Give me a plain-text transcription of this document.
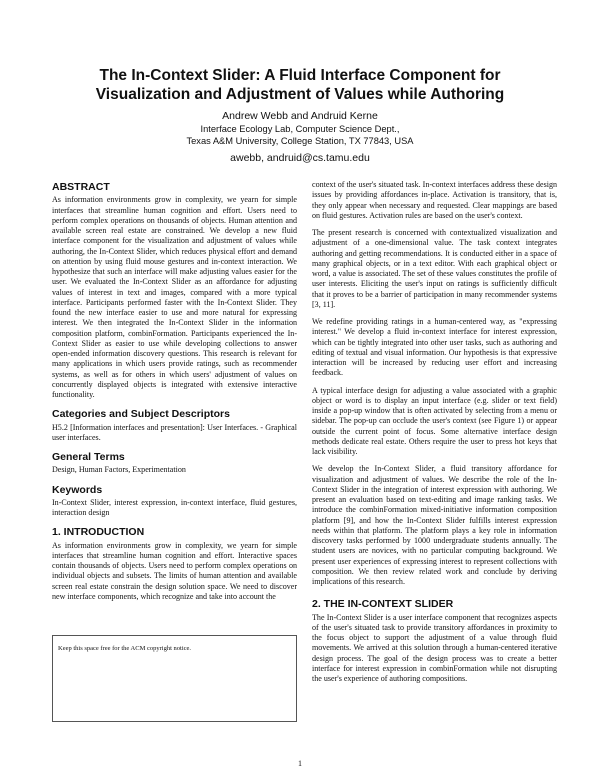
The In-Context Slider: A Fluid Interface Component for
Visualization and Adjustment of Values while Authoring
Andrew Webb and Andruid Kerne
Interface Ecology Lab, Computer Science Dept.,
Texas A&M University, College Station, TX 77843, USA
awebb, andruid@cs.tamu.edu
ABSTRACT

As information environments grow in complexity, we yearn for simple interfaces that streamline human cognition and effort. Users need to perform complex operations on thousands of objects. Human attention and available screen real estate are constrained. We develop a new fluid interface component for the visualization and adjustment of values while authoring, the In-Context Slider, which reduces physical effort and demand on attention by using fluid mouse gestures and in-context interaction. We hypothesize that such an interface will make adjusting values easier for the user. We evaluated the In-Context Slider as an affordance for adjusting values of interest in text and images, compared with a more typical interface. Participants performed faster with the In-Context Slider. They found the new interface easier to use and more natural for expressing interest. We then integrated the In-Context Slider in the information composition platform, combinFormation. Participants experienced the In-Context Slider as easier to use while developing collections to answer open-ended information discovery questions. This research is relevant for many applications in which users provide ratings, such as recommender systems, as well as for others in which users' adjustment of values on concurrently displayed objects is integrated with extensive interactive functionality.

Categories and Subject Descriptors

H5.2 [Information interfaces and presentation]: User Interfaces. - Graphical user interfaces.

General Terms

Design, Human Factors, Experimentation

Keywords

In-Context Slider, interest expression, in-context interface, fluid gestures, interaction design

1. INTRODUCTION

As information environments grow in complexity, we yearn for simple interfaces that streamline human cognition and effort. Interactive spaces contain thousands of objects. Users need to perform complex operations on individual objects and subsets. The limits of human attention and available screen real estate constrain the design solution space. We need to discover new interface components, which recognize and take into account the

Keep this space free for the ACM copyright notice.

context of the user's situated task. In-context interfaces address these design issues by providing affordances in-place. Activation is transitory, that is, they only appear when necessary and requested. Clear mappings are based on fluid gestures. Activation rules are based on the user's context.

The present research is concerned with contextualized visualization and adjustment of a one-dimensional value. The task context integrates authoring and getting recommendations. It is conducted either in a space of many graphical objects, or in a text editor. With each graphical object or word, a value is associated. The set of these values constitutes the profile of user interests. Eliciting the user's input on ratings is sufficiently difficult that it proves to be a barrier of participation in many recommender systems [3, 11].

We redefine providing ratings in a human-centered way, as "expressing interest." We develop a fluid in-context interface for interest expression, which can be tightly integrated into other user tasks, such as authoring and editing of textual and visual information. Our hypothesis is that expressive interaction will be increased by reducing user effort and increasing feedback.

A typical interface design for adjusting a value associated with a graphic object or word is to display an input interface (e.g. slider or text field) inside a pop-up window that is often activated by selecting from a menu or sidebar. The pop-up can occlude the user's context (see Figure 1) or appear outside the current point of focus. Some alternative interface design methods dedicate real estate. Others require the user to press hot keys that lack visibility.

We develop the In-Context Slider, a fluid transitory affordance for visualization and adjustment of values. We describe the role of the In-Context Slider in the integration of interest expression with authoring. We present an evaluation based on text-editing and image ranking tasks. We introduce the combinFormation mixed-initiative information composition platform [9], and how the In-Context Slider fulfills interest expression needs within that platform. The platform plays a key role in information discovery tasks performed by 1000 undergraduate students annually. The student users are novices, with no particular computing background. We present user experiences of expressing interest to represent collections with composition. We then review related work and conclude by deriving implications of this research.

2. THE IN-CONTEXT SLIDER

The In-Context Slider is a user interface component that recognizes aspects of the user's situated task to provide transitory affordances in proximity to the focus object to support the adjustment of a value through fluid movements. We arrived at this solution through a human-centered iterative design process. The goal of the design process was to create a better interface for interest expression in combinFormation while not disrupting the user's experience of authoring compositions.

1
